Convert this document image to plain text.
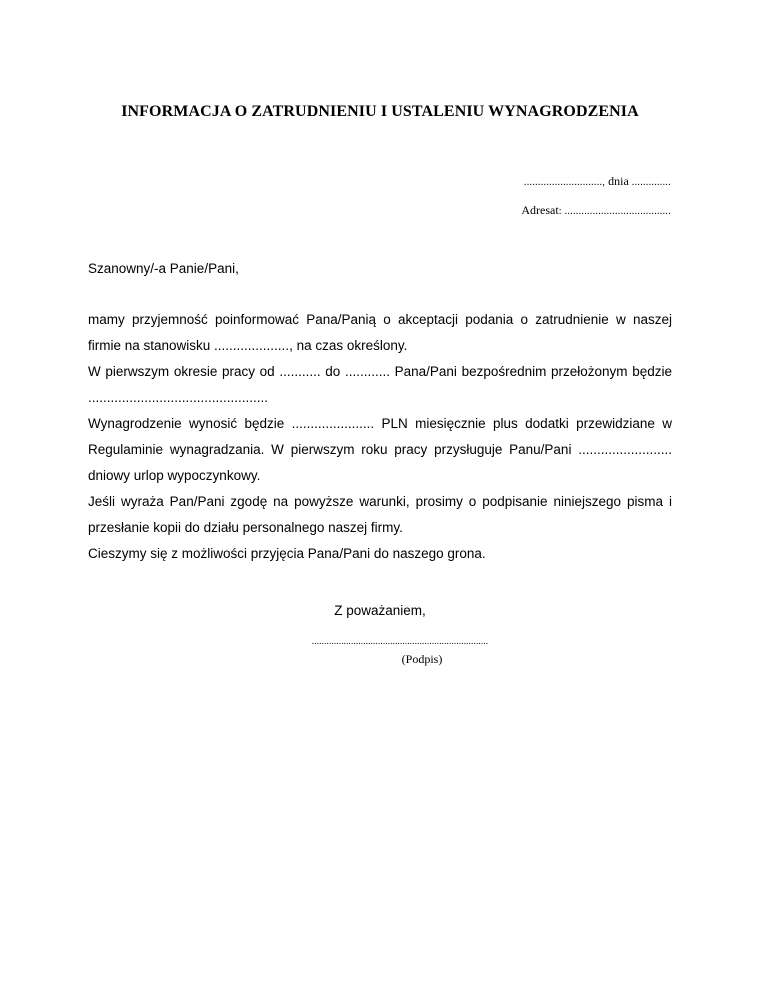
INFORMACJA O ZATRUDNIENIU I USTALENIU WYNAGRODZENIA
............................, dnia ..............
Adresat: ......................................

Szanowny/-a Panie/Pani,

mamy przyjemność poinformować Pana/Panią o akceptacji podania o zatrudnienie w naszej firmie na stanowisku ...................., na czas określony.

W pierwszym okresie pracy od ........... do ............ Pana/Pani bezpośrednim przełożonym będzie ................................................

Wynagrodzenie wynosić będzie ...................... PLN miesięcznie plus dodatki przewidziane w Regulaminie wynagradzania. W pierwszym roku pracy przysługuje Panu/Pani ......................... dniowy urlop wypoczynkowy.

Jeśli wyraża Pan/Pani zgodę na powyższe warunki, prosimy o podpisanie niniejszego pisma i przesłanie kopii do działu personalnego naszej firmy.

Cieszymy się z możliwości przyjęcia Pana/Pani do naszego grona.

Z poważaniem,

........................................................................
(Podpis)
